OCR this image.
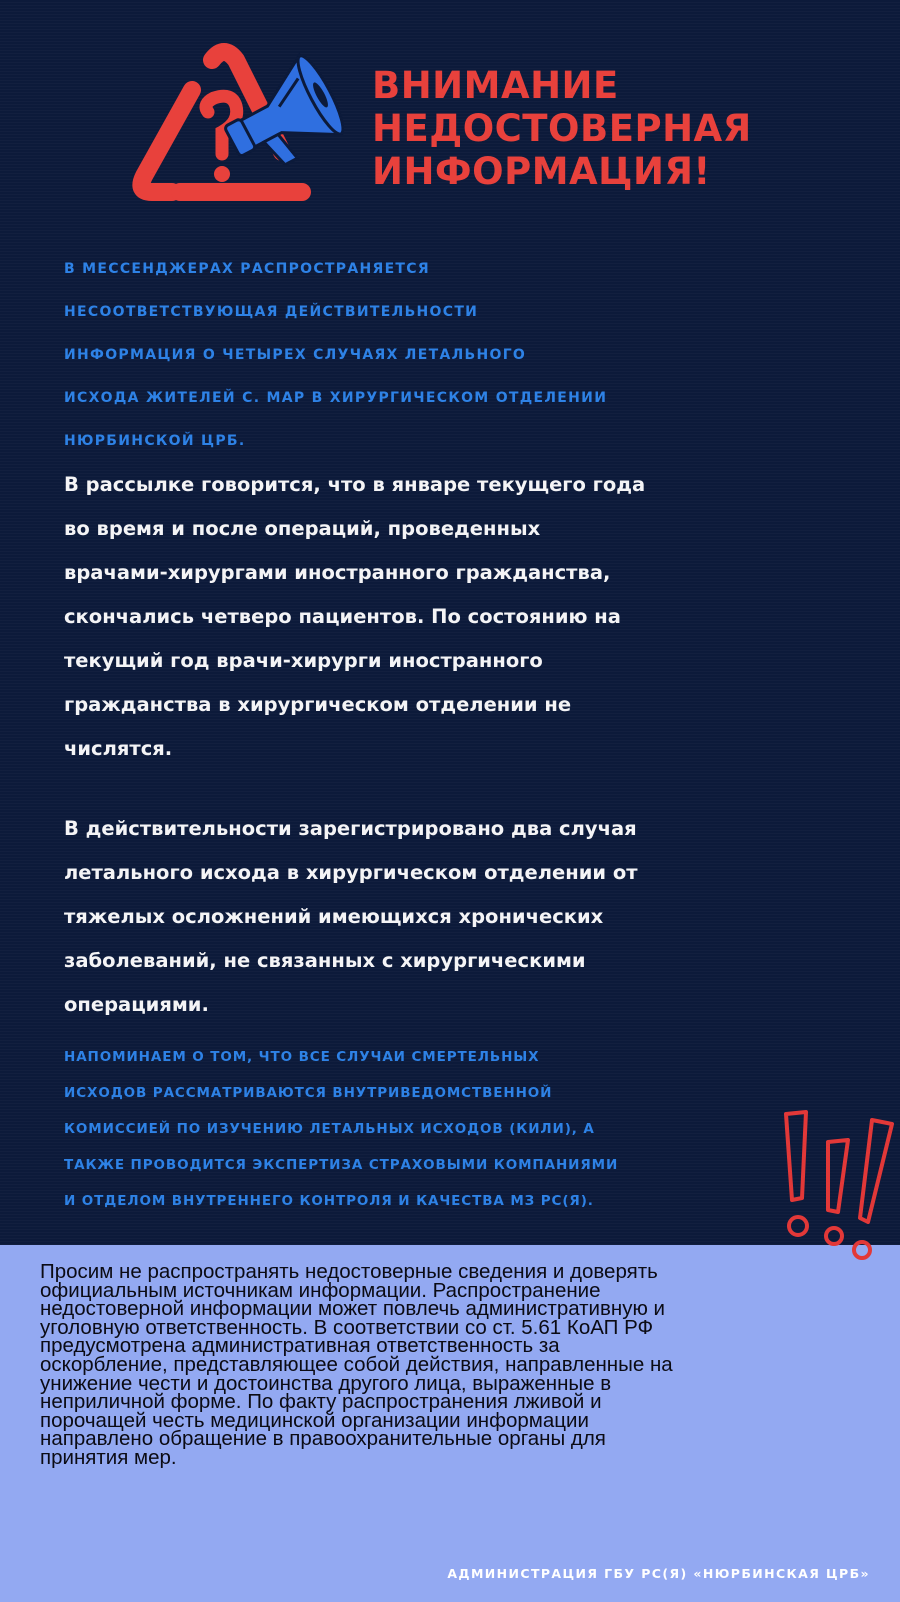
ВНИМАНИЕ
НЕДОСТОВЕРНАЯ
ИНФОРМАЦИЯ!

В МЕССЕНДЖЕРАХ РАСПРОСТРАНЯЕТСЯ
НЕСООТВЕТСТВУЮЩАЯ ДЕЙСТВИТЕЛЬНОСТИ
ИНФОРМАЦИЯ О ЧЕТЫРЕХ СЛУЧАЯХ ЛЕТАЛЬНОГО
ИСХОДА ЖИТЕЛЕЙ С. МАР В ХИРУРГИЧЕСКОМ ОТДЕЛЕНИИ
НЮРБИНСКОЙ ЦРБ.

В рассылке говорится, что в январе текущего года
во время и после операций, проведенных
врачами-хирургами иностранного гражданства,
скончались четверо пациентов. По состоянию на
текущий год врачи-хирурги иностранного
гражданства в хирургическом отделении не
числятся.

В действительности зарегистрировано два случая
летального исхода в хирургическом отделении от
тяжелых осложнений имеющихся хронических
заболеваний, не связанных с хирургическими
операциями.

НАПОМИНАЕМ О ТОМ, ЧТО ВСЕ СЛУЧАИ СМЕРТЕЛЬНЫХ
ИСХОДОВ РАССМАТРИВАЮТСЯ ВНУТРИВЕДОМСТВЕННОЙ
КОМИССИЕЙ ПО ИЗУЧЕНИЮ ЛЕТАЛЬНЫХ ИСХОДОВ (КИЛИ), А
ТАКЖЕ ПРОВОДИТСЯ ЭКСПЕРТИЗА СТРАХОВЫМИ КОМПАНИЯМИ
И ОТДЕЛОМ ВНУТРЕННЕГО КОНТРОЛЯ И КАЧЕСТВА МЗ РС(Я).

Просим не распространять недостоверные сведения и доверять
официальным источникам информации. Распространение
недостоверной информации может повлечь административную и
уголовную ответственность. В соответствии со ст. 5.61 КоАП РФ
предусмотрена административная ответственность за
оскорбление, представляющее собой действия, направленные на
унижение чести и достоинства другого лица, выраженные в
неприличной форме. По факту распространения лживой и
порочащей честь медицинской организации информации
направлено обращение в правоохранительные органы для
принятия мер.

АДМИНИСТРАЦИЯ ГБУ РС(Я) «НЮРБИНСКАЯ ЦРБ»
